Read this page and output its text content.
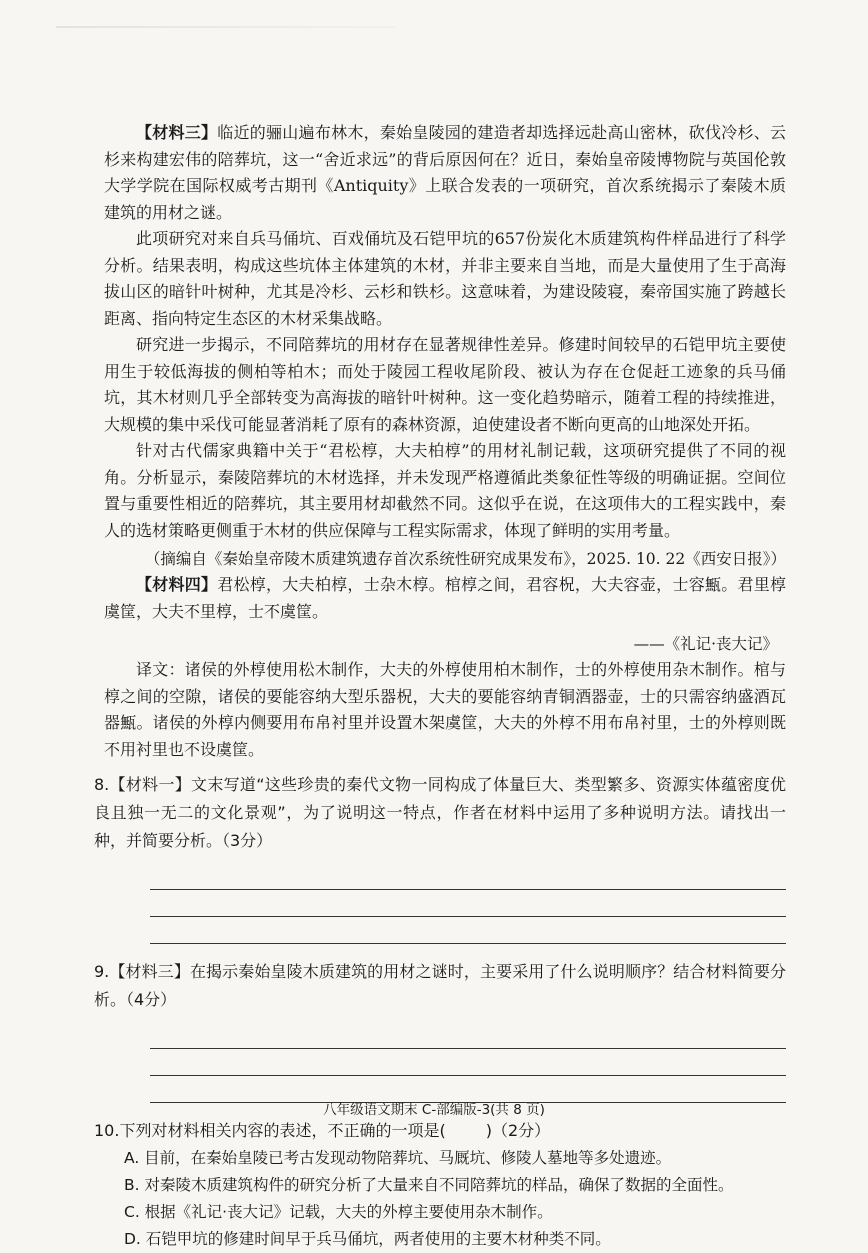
【材料三】临近的骊山遍布林木，秦始皇陵园的建造者却选择远赴高山密林，砍伐冷杉、云杉来构建宏伟的陪葬坑，这一“舍近求远”的背后原因何在？近日，秦始皇帝陵博物院与英国伦敦大学学院在国际权威考古期刊《Antiquity》上联合发表的一项研究，首次系统揭示了秦陵木质建筑的用材之谜。

此项研究对来自兵马俑坑、百戏俑坑及石铠甲坑的657份炭化木质建筑构件样品进行了科学分析。结果表明，构成这些坑体主体建筑的木材，并非主要来自当地，而是大量使用了生于高海拔山区的暗针叶树种，尤其是冷杉、云杉和铁杉。这意味着，为建设陵寝，秦帝国实施了跨越长距离、指向特定生态区的木材采集战略。

研究进一步揭示，不同陪葬坑的用材存在显著规律性差异。修建时间较早的石铠甲坑主要使用生于较低海拔的侧柏等柏木；而处于陵园工程收尾阶段、被认为存在仓促赶工迹象的兵马俑坑，其木材则几乎全部转变为高海拔的暗针叶树种。这一变化趋势暗示，随着工程的持续推进，大规模的集中采伐可能显著消耗了原有的森林资源，迫使建设者不断向更高的山地深处开拓。

针对古代儒家典籍中关于“君松椁，大夫柏椁”的用材礼制记载，这项研究提供了不同的视角。分析显示，秦陵陪葬坑的木材选择，并未发现严格遵循此类象征性等级的明确证据。空间位置与重要性相近的陪葬坑，其主要用材却截然不同。这似乎在说，在这项伟大的工程实践中，秦人的选材策略更侧重于木材的供应保障与工程实际需求，体现了鲜明的实用考量。

（摘编自《秦始皇帝陵木质建筑遗存首次系统性研究成果发布》，2025. 10. 22《西安日报》）

【材料四】君松椁，大夫柏椁，士杂木椁。棺椁之间，君容柷，大夫容壶，士容甒。君里椁虞筐，大夫不里椁，士不虞筐。

——《礼记·丧大记》

译文：诸侯的外椁使用松木制作，大夫的外椁使用柏木制作，士的外椁使用杂木制作。棺与椁之间的空隙，诸侯的要能容纳大型乐器柷，大夫的要能容纳青铜酒器壶，士的只需容纳盛酒瓦器甒。诸侯的外椁内侧要用布帛衬里并设置木架虞筐，大夫的外椁不用布帛衬里，士的外椁则既不用衬里也不设虞筐。

8.【材料一】文末写道“这些珍贵的秦代文物一同构成了体量巨大、类型繁多、资源实体蕴密度优良且独一无二的文化景观”，为了说明这一特点，作者在材料中运用了多种说明方法。请找出一种，并简要分析。（3分）

9.【材料三】在揭示秦始皇陵木质建筑的用材之谜时，主要采用了什么说明顺序？结合材料简要分析。（4分）

10.下列对材料相关内容的表述，不正确的一项是(	)（2分）

A. 目前，在秦始皇陵已考古发现动物陪葬坑、马厩坑、修陵人墓地等多处遗迹。

B. 对秦陵木质建筑构件的研究分析了大量来自不同陪葬坑的样品，确保了数据的全面性。

C. 根据《礼记·丧大记》记载，大夫的外椁主要使用杂木制作。

D. 石铠甲坑的修建时间早于兵马俑坑，两者使用的主要木材种类不同。

八年级语文期末 C-部编版-3(共 8 页)
